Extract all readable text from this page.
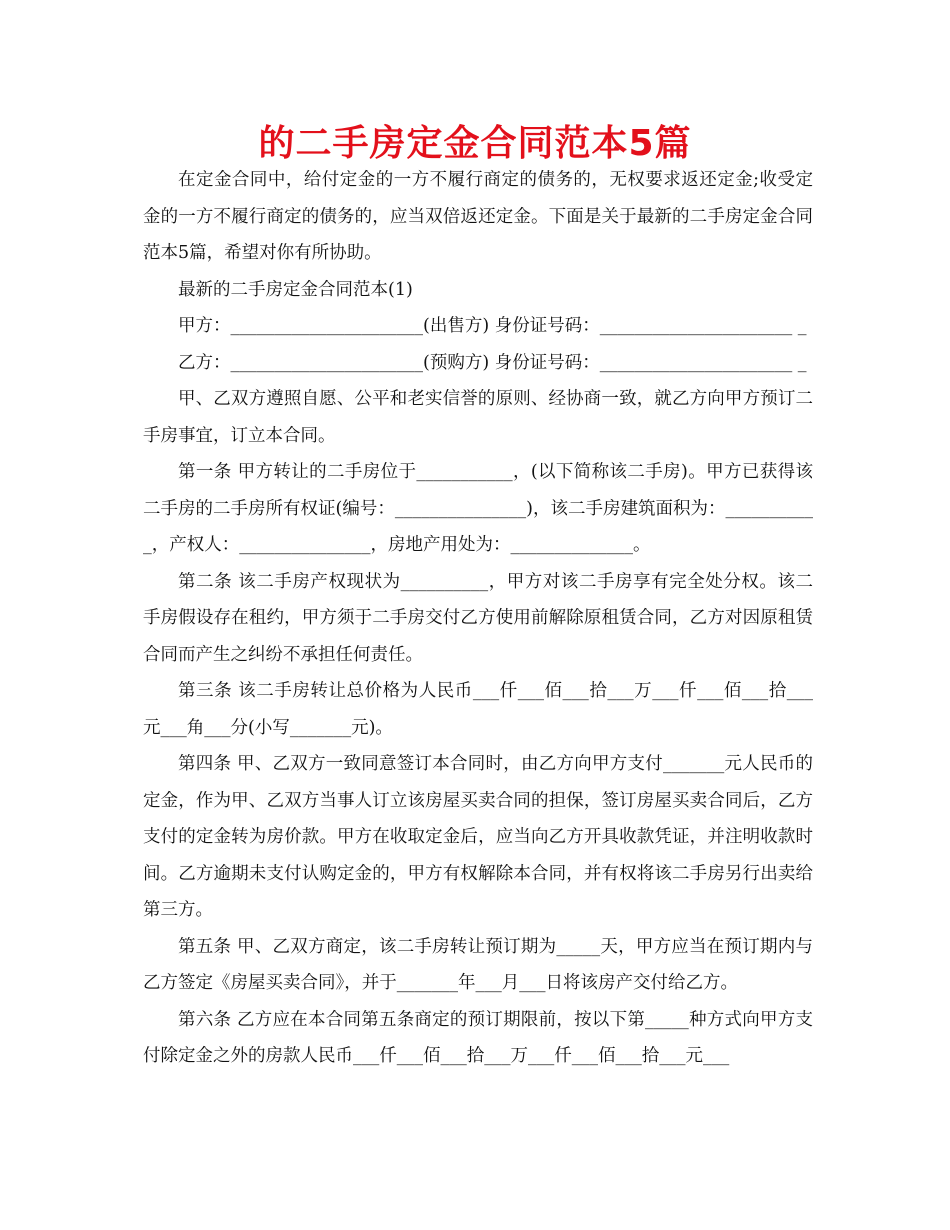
的二手房定金合同范本5篇

在定金合同中，给付定金的一方不履行商定的债务的，无权要求返还定金;收受定金的一方不履行商定的债务的，应当双倍返还定金。下面是关于最新的二手房定金合同范本5篇，希望对你有所协助。

最新的二手房定金合同范本(1)

甲方：______________________(出售方) 身份证号码：______________________ _

乙方：______________________(预购方) 身份证号码：______________________ _

甲、乙双方遵照自愿、公平和老实信誉的原则、经协商一致，就乙方向甲方预订二手房事宜，订立本合同。

第一条 甲方转让的二手房位于___________，(以下简称该二手房)。甲方已获得该二手房的二手房所有权证(编号：_______________)，该二手房建筑面积为：___________，产权人：_______________，房地产用处为：______________。

第二条 该二手房产权现状为__________，甲方对该二手房享有完全处分权。该二手房假设存在租约，甲方须于二手房交付乙方使用前解除原租赁合同，乙方对因原租赁合同而产生之纠纷不承担任何责任。

第三条 该二手房转让总价格为人民币___仟___佰___拾___万___仟___佰___拾___元___角___分(小写_______元)。

第四条 甲、乙双方一致同意签订本合同时，由乙方向甲方支付_______元人民币的定金，作为甲、乙双方当事人订立该房屋买卖合同的担保，签订房屋买卖合同后，乙方支付的定金转为房价款。甲方在收取定金后，应当向乙方开具收款凭证，并注明收款时间。乙方逾期未支付认购定金的，甲方有权解除本合同，并有权将该二手房另行出卖给第三方。

第五条 甲、乙双方商定，该二手房转让预订期为_____天，甲方应当在预订期内与乙方签定《房屋买卖合同》，并于_______年___月___日将该房产交付给乙方。

第六条 乙方应在本合同第五条商定的预订期限前，按以下第_____种方式向甲方支付除定金之外的房款人民币___仟___佰___拾___万___仟___佰___拾___元___
